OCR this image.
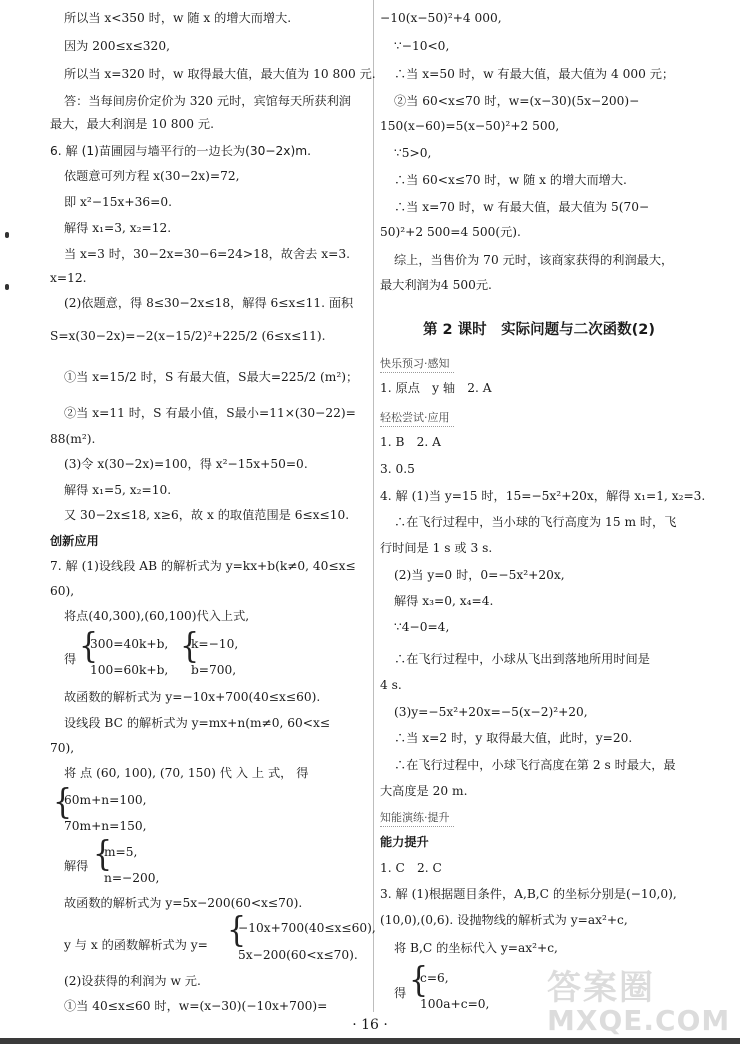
所以当 x<350 时，w 随 x 的增大而增大.
因为 200≤x≤320,
所以当 x=320 时，w 取得最大值，最大值为 10 800 元.
答：当每间房价定价为 320 元时，宾馆每天所获利润
最大，最大利润是 10 800 元.
6. 解 (1)苗圃园与墙平行的一边长为(30−2x)m.
依题意可列方程 x(30−2x)=72,
即 x²−15x+36=0.
解得 x₁=3, x₂=12.
当 x=3 时，30−2x=30−6=24>18，故舍去 x=3.
x=12.
(2)依题意，得 8≤30−2x≤18，解得 6≤x≤11. 面积
S=x(30−2x)=−2(x−15/2)²+225/2 (6≤x≤11).
①当 x=15/2 时，S 有最大值，S最大=225/2 (m²)；
②当 x=11 时，S 有最小值，S最小=11×(30−22)=
88(m²).
(3)令 x(30−2x)=100，得 x²−15x+50=0.
解得 x₁=5, x₂=10.
又 30−2x≤18, x≥6，故 x 的取值范围是 6≤x≤10.
创新应用
7. 解 (1)设线段 AB 的解析式为 y=kx+b(k≠0, 40≤x≤
60),
将点(40,300),(60,100)代入上式,
得 {
300=40k+b,
100=60k+b,
{
k=−10,
b=700,
故函数的解析式为 y=−10x+700(40≤x≤60).
设线段 BC 的解析式为 y=mx+n(m≠0, 60<x≤
70),
将 点 (60, 100), (70, 150) 代 入 上 式， 得
{
60m+n=100,
70m+n=150,
解得 {
m=5,
n=−200,
故函数的解析式为 y=5x−200(60<x≤70).
y 与 x 的函数解析式为 y= {
−10x+700(40≤x≤60),
5x−200(60<x≤70).
(2)设获得的利润为 w 元.
①当 40≤x≤60 时，w=(x−30)(−10x+700)=
−10(x−50)²+4 000,
∵−10<0,
∴当 x=50 时，w 有最大值，最大值为 4 000 元；
②当 60<x≤70 时，w=(x−30)(5x−200)−
150(x−60)=5(x−50)²+2 500,
∵5>0,
∴当 60<x≤70 时，w 随 x 的增大而增大.
∴当 x=70 时，w 有最大值，最大值为 5(70−
50)²+2 500=4 500(元).
综上，当售价为 70 元时，该商家获得的利润最大，
最大利润为4 500元.
第 2 课时　实际问题与二次函数(2)
快乐预习·感知
1. 原点　y 轴　2. A
轻松尝试·应用
1. B　2. A
3. 0.5
4. 解 (1)当 y=15 时，15=−5x²+20x，解得 x₁=1, x₂=3.
∴在飞行过程中，当小球的飞行高度为 15 m 时，飞
行时间是 1 s 或 3 s.
(2)当 y=0 时，0=−5x²+20x,
解得 x₃=0, x₄=4.
∵4−0=4,
∴在飞行过程中，小球从飞出到落地所用时间是
4 s.
(3)y=−5x²+20x=−5(x−2)²+20,
∴当 x=2 时，y 取得最大值，此时，y=20.
∴在飞行过程中，小球飞行高度在第 2 s 时最大，最
大高度是 20 m.
知能演练·提升
能力提升
1. C　2. C
3. 解 (1)根据题目条件，A,B,C 的坐标分别是(−10,0),
(10,0),(0,6). 设抛物线的解析式为 y=ax²+c,
将 B,C 的坐标代入 y=ax²+c,
得 {
c=6,
100a+c=0,
· 16 ·
答案圈
MXQE.COM
